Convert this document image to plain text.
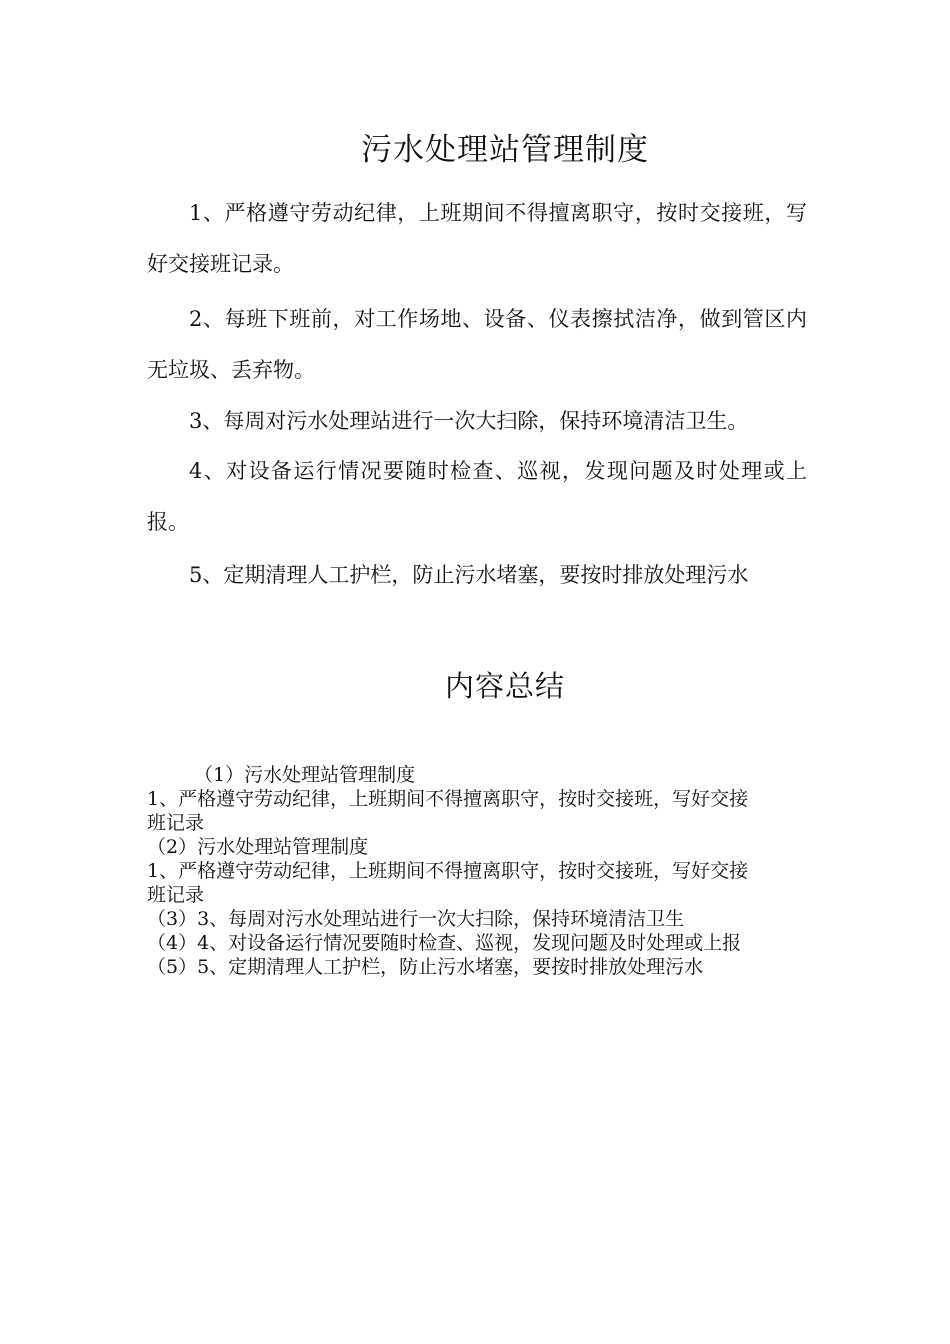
污水处理站管理制度
1、严格遵守劳动纪律，上班期间不得擅离职守，按时交接班，写好交接班记录。
2、每班下班前，对工作场地、设备、仪表擦拭洁净，做到管区内无垃圾、丢弃物。
3、每周对污水处理站进行一次大扫除，保持环境清洁卫生。
4、对设备运行情况要随时检查、巡视，发现问题及时处理或上报。
5、定期清理人工护栏，防止污水堵塞，要按时排放处理污水
内容总结
（1）污水处理站管理制度
1、严格遵守劳动纪律，上班期间不得擅离职守，按时交接班，写好交接
班记录
（2）污水处理站管理制度
1、严格遵守劳动纪律，上班期间不得擅离职守，按时交接班，写好交接
班记录
（3）3、每周对污水处理站进行一次大扫除，保持环境清洁卫生
（4）4、对设备运行情况要随时检查、巡视，发现问题及时处理或上报
（5）5、定期清理人工护栏，防止污水堵塞，要按时排放处理污水
